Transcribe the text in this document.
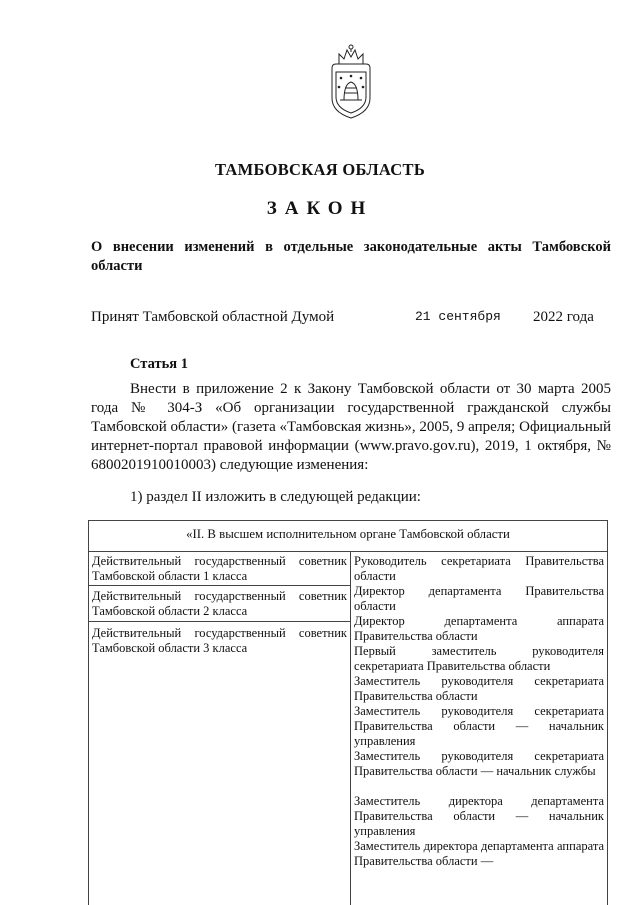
ТАМБОВСКАЯ ОБЛАСТЬ
ЗАКОН
О внесении изменений в отдельные законодательные акты Тамбовской области
Принят Тамбовской областной Думой	21 сентября 2022 года
Статья 1
Внести в приложение 2 к Закону Тамбовской области от 30 марта 2005 года № 304-З «Об организации государственной гражданской службы Тамбовской области» (газета «Тамбовская жизнь», 2005, 9 апреля; Официальный интернет-портал правовой информации (www.pravo.gov.ru), 2019, 1 октября, № 6800201910010003) следующие изменения:
1) раздел II изложить в следующей редакции:
«II. В высшем исполнительном органе Тамбовской области
Действительный государственный советник Тамбовской области 1 класса
Действительный государственный советник Тамбовской области 2 класса
Действительный государственный советник Тамбовской области 3 класса
Руководитель секретариата Правительства области
Директор департамента Правительства области
Директор департамента аппарата Правительства области
Первый заместитель руководителя секретариата Правительства области
Заместитель руководителя секретариата Правительства области
Заместитель руководителя секретариата Правительства области — начальник управления
Заместитель руководителя секретариата Правительства области — начальник службы
Заместитель директора департамента Правительства области — начальник управления
Заместитель директора департамента аппарата Правительства области —
